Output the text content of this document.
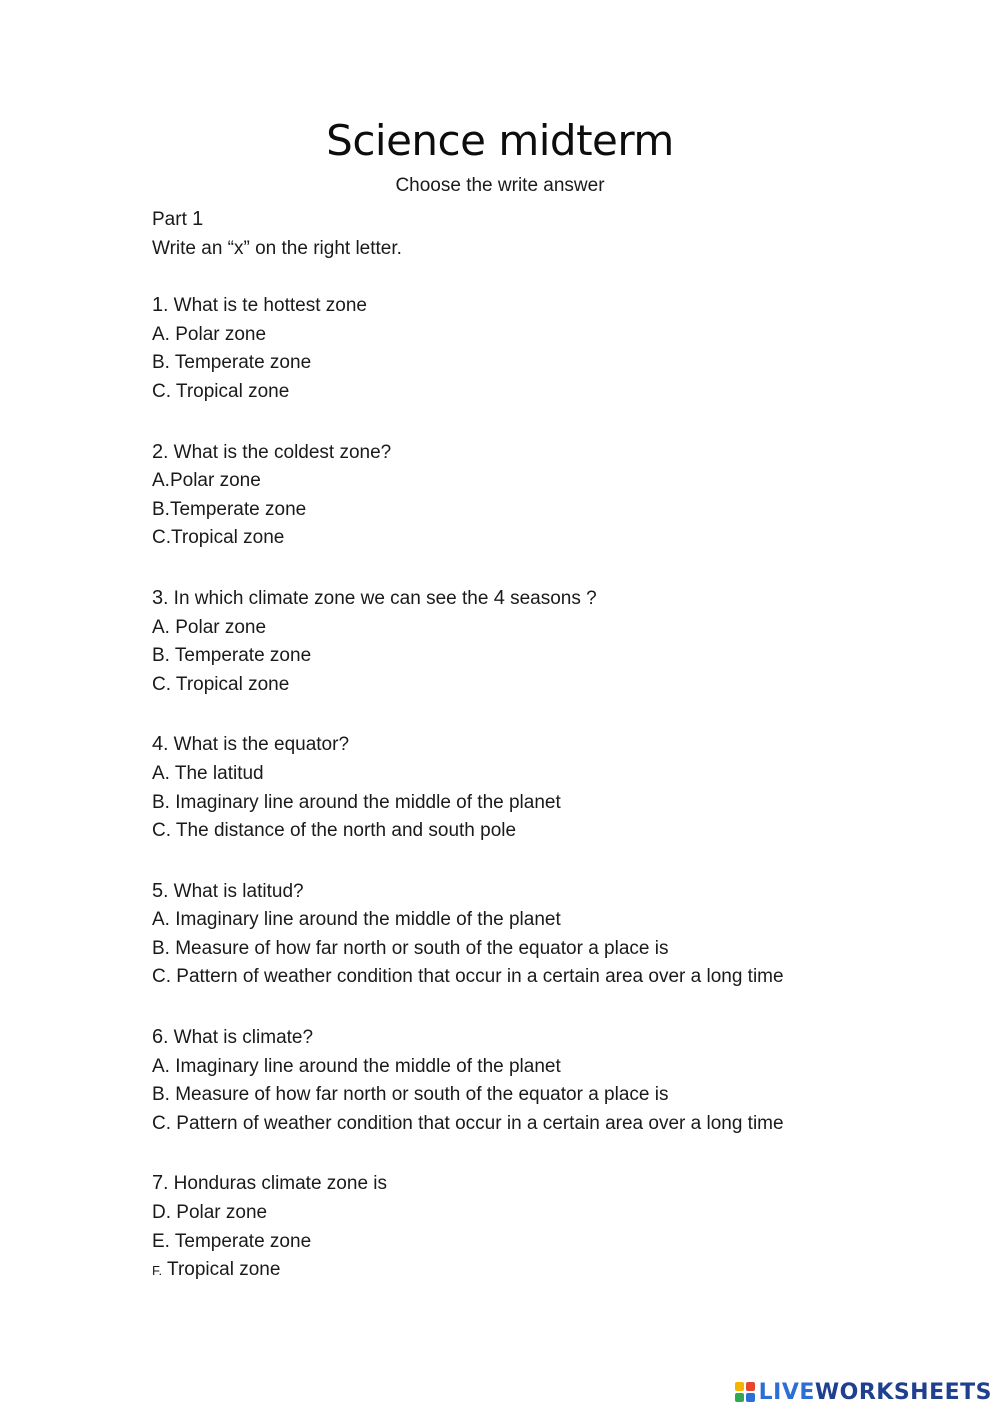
Science midterm
Choose the write answer
Part 1
Write an “x” on the right letter.
1. What is te hottest zone
A. Polar zone
B. Temperate zone
C. Tropical zone
2. What is the coldest zone?
A.Polar zone
B.Temperate zone
C.Tropical zone
3. In which climate zone we can see the 4 seasons ?
A. Polar zone
B. Temperate zone
C. Tropical zone
4. What is the equator?
A. The latitud
B. Imaginary line around the middle of the planet
C. The distance of the north and south pole
5. What is latitud?
A. Imaginary line around the middle of the planet
B. Measure of how far north or south of the equator a place is
C. Pattern of weather condition that occur in a certain area over a long time
6. What is climate?
A. Imaginary line around the middle of the planet
B. Measure of how far north or south of the equator a place is
C. Pattern of weather condition that occur in a certain area over a long time
7. Honduras climate zone is
D. Polar zone
E. Temperate zone
F. Tropical zone
LIVEWORKSHEETS
